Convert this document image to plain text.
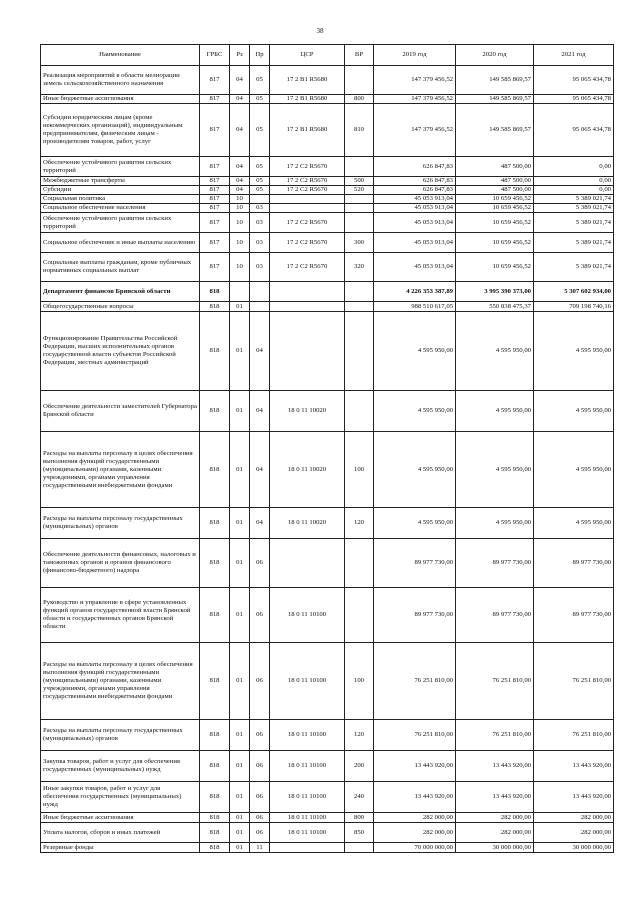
38
Наименование	ГРБС	Рз	Пр	ЦСР	ВР	2019 год	2020 год	2021 год
Реализация мероприятий в области мелиорации земель сельскохозяйственного назначения	817	04	05	17 2 В1 R5680		147 379 456,52	149 585 869,57	95 065 434,78
Иные бюджетные ассигнования	817	04	05	17 2 В1 R5680	800	147 379 456,52	149 585 869,57	95 065 434,78
Субсидии юридическим лицам (кроме некоммерческих организаций), индивидуальным предпринимателям, физическим лицам - производителям товаров, работ, услуг	817	04	05	17 2 В1 R5680	810	147 379 456,52	149 585 869,57	95 065 434,78
Обеспечение устойчивого развития сельских территорий	817	04	05	17 2 С2 R5670		626 847,83	487 500,00	0,00
Межбюджетные трансферты	817	04	05	17 2 С2 R5670	500	626 847,83	487 500,00	0,00
Субсидии	817	04	05	17 2 С2 R5670	520	626 847,83	487 500,00	0,00
Социальная политика	817	10				45 053 913,04	10 659 456,52	5 389 021,74
Социальное обеспечение населения	817	10	03			45 053 913,04	10 659 456,52	5 389 021,74
Обеспечение устойчивого развития сельских территорий	817	10	03	17 2 С2 R5670		45 053 913,04	10 659 456,52	5 389 021,74
Социальное обеспечение и иные выплаты населению	817	10	03	17 2 С2 R5670	300	45 053 913,04	10 659 456,52	5 389 021,74
Социальные выплаты гражданам, кроме публичных нормативных социальных выплат	817	10	03	17 2 С2 R5670	320	45 053 913,04	10 659 456,52	5 389 021,74
Департамент финансов Брянской области	818					4 226 353 387,89	3 995 390 373,00	5 307 602 934,00
Общегосударственные вопросы	818	01				988 510 617,05	550 838 475,37	709 198 740,16
Функционирование Правительства Российской Федерации, высших исполнительных органов государственной власти субъектов Российской Федерации, местных администраций	818	01	04			4 595 950,00	4 595 950,00	4 595 950,00
Обеспечение деятельности заместителей Губернатора Брянской области	818	01	04	18 0 11 10020		4 595 950,00	4 595 950,00	4 595 950,00
Расходы на выплаты персоналу в целях обеспечения выполнения функций государственными (муниципальными) органами, казенными учреждениями, органами управления государственными внебюджетными фондами	818	01	04	18 0 11 10020	100	4 595 950,00	4 595 950,00	4 595 950,00
Расходы на выплаты персоналу государственных (муниципальных) органов	818	01	04	18 0 11 10020	120	4 595 950,00	4 595 950,00	4 595 950,00
Обеспечение деятельности финансовых, налоговых и таможенных органов и органов финансового (финансово-бюджетного) надзора	818	01	06			89 977 730,00	89 977 730,00	89 977 730,00
Руководство и управление в сфере установленных функций органов государственной власти Брянской области и государственных органов Брянской области	818	01	06	18 0 11 10100		89 977 730,00	89 977 730,00	89 977 730,00
Расходы на выплаты персоналу в целях обеспечения выполнения функций государственными (муниципальными) органами, казенными учреждениями, органами управления государственными внебюджетными фондами	818	01	06	18 0 11 10100	100	76 251 810,00	76 251 810,00	76 251 810,00
Расходы на выплаты персоналу государственных (муниципальных) органов	818	01	06	18 0 11 10100	120	76 251 810,00	76 251 810,00	76 251 810,00
Закупка товаров, работ и услуг для обеспечения государственных (муниципальных) нужд	818	01	06	18 0 11 10100	200	13 443 920,00	13 443 920,00	13 443 920,00
Иные закупки товаров, работ и услуг для обеспечения государственных (муниципальных) нужд	818	01	06	18 0 11 10100	240	13 443 920,00	13 443 920,00	13 443 920,00
Иные бюджетные ассигнования	818	01	06	18 0 11 10100	800	282 000,00	282 000,00	282 000,00
Уплата налогов, сборов и иных платежей	818	01	06	18 0 11 10100	850	282 000,00	282 000,00	282 000,00
Резервные фонды	818	01	11			70 000 000,00	30 000 000,00	30 000 000,00
